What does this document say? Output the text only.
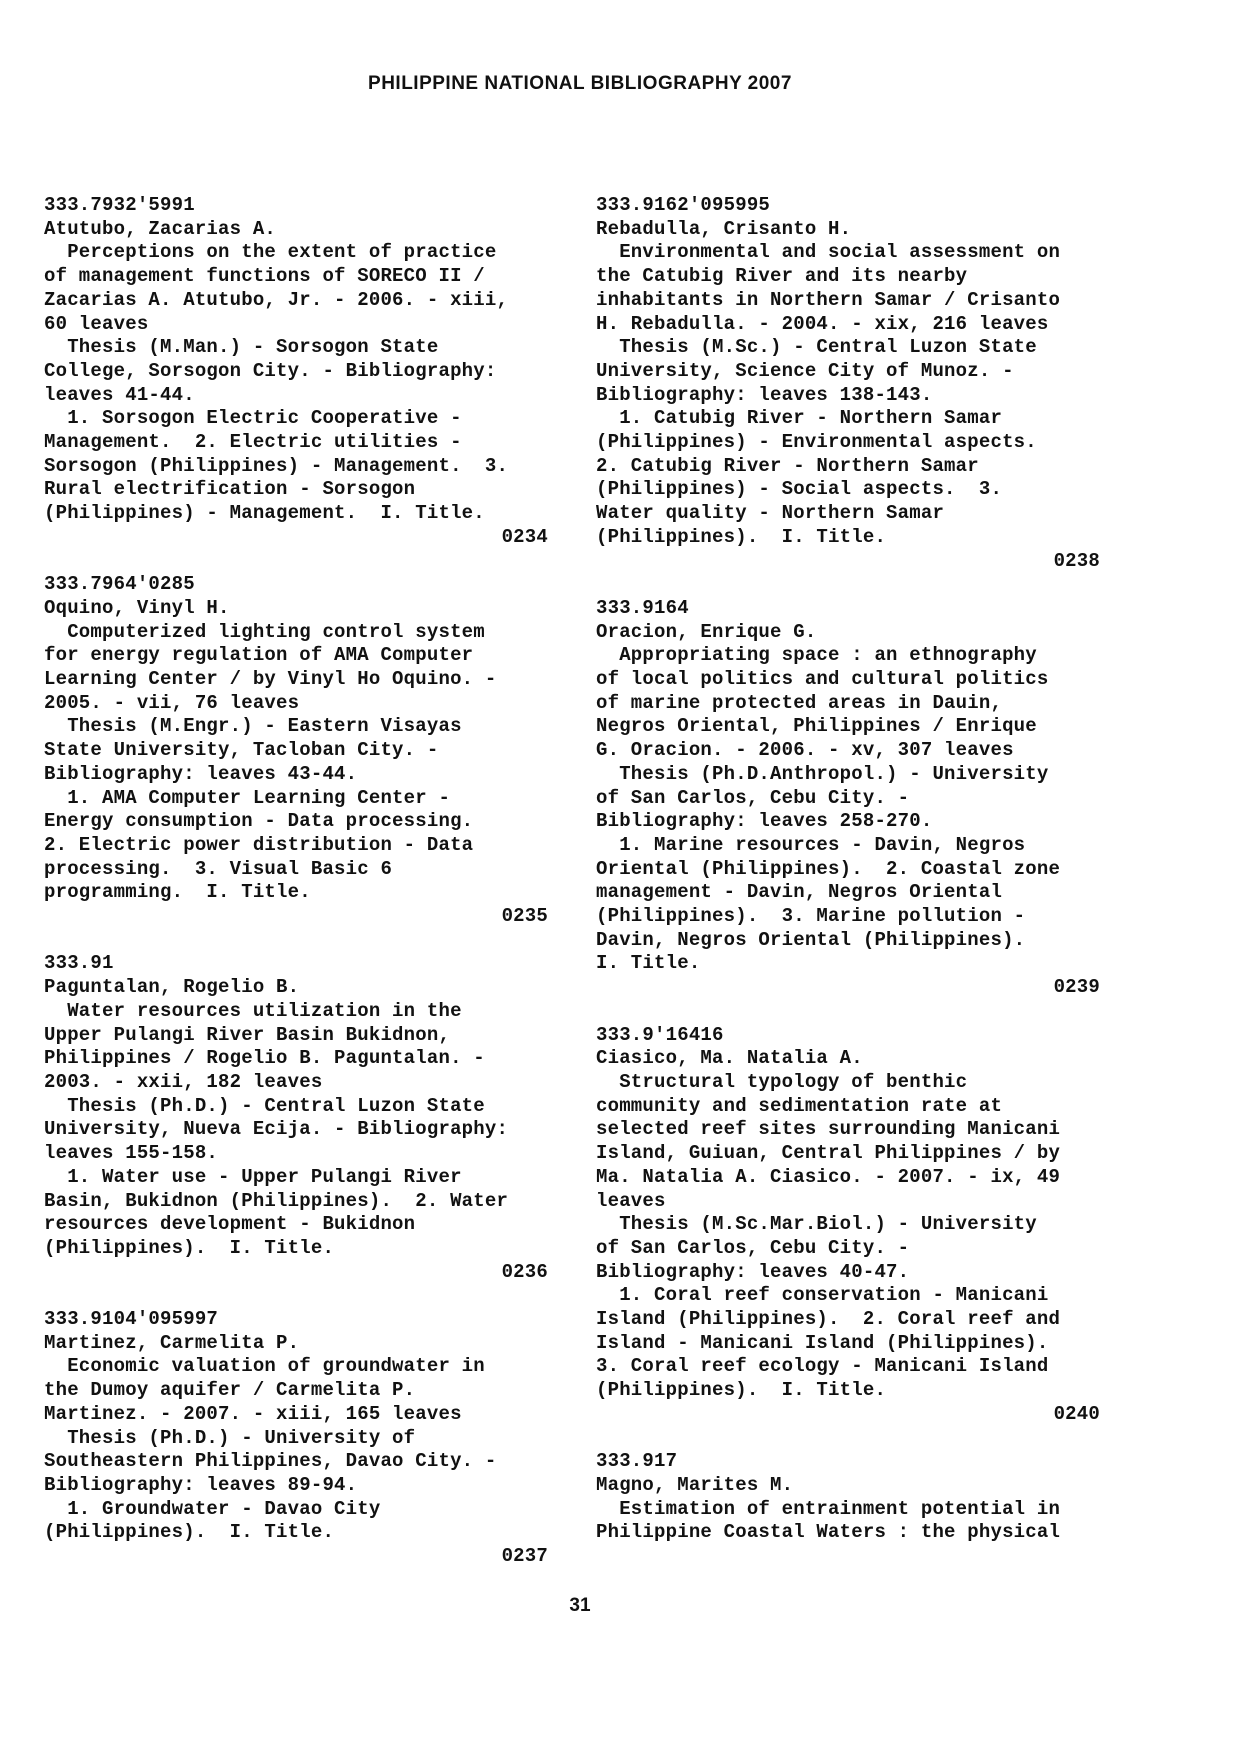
PHILIPPINE NATIONAL BIBLIOGRAPHY 2007
333.7932'5991
Atutubo, Zacarias A.
Perceptions on the extent of practice
of management functions of SORECO II /
Zacarias A. Atutubo, Jr. - 2006. - xiii,
60 leaves
Thesis (M.Man.) - Sorsogon State
College, Sorsogon City. - Bibliography:
leaves 41-44.
1. Sorsogon Electric Cooperative -
Management.  2. Electric utilities -
Sorsogon (Philippines) - Management.  3.
Rural electrification - Sorsogon
(Philippines) - Management.  I. Title.
0234
333.7964'0285
Oquino, Vinyl H.
Computerized lighting control system
for energy regulation of AMA Computer
Learning Center / by Vinyl Ho Oquino. -
2005. - vii, 76 leaves
Thesis (M.Engr.) - Eastern Visayas
State University, Tacloban City. -
Bibliography: leaves 43-44.
1. AMA Computer Learning Center -
Energy consumption - Data processing.
2. Electric power distribution - Data
processing.  3. Visual Basic 6
programming.  I. Title.
0235
333.91
Paguntalan, Rogelio B.
Water resources utilization in the
Upper Pulangi River Basin Bukidnon,
Philippines / Rogelio B. Paguntalan. -
2003. - xxii, 182 leaves
Thesis (Ph.D.) - Central Luzon State
University, Nueva Ecija. - Bibliography:
leaves 155-158.
1. Water use - Upper Pulangi River
Basin, Bukidnon (Philippines).  2. Water
resources development - Bukidnon
(Philippines).  I. Title.
0236
333.9104'095997
Martinez, Carmelita P.
Economic valuation of groundwater in
the Dumoy aquifer / Carmelita P.
Martinez. - 2007. - xiii, 165 leaves
Thesis (Ph.D.) - University of
Southeastern Philippines, Davao City. -
Bibliography: leaves 89-94.
1. Groundwater - Davao City
(Philippines).  I. Title.
0237
333.9162'095995
Rebadulla, Crisanto H.
Environmental and social assessment on
the Catubig River and its nearby
inhabitants in Northern Samar / Crisanto
H. Rebadulla. - 2004. - xix, 216 leaves
Thesis (M.Sc.) - Central Luzon State
University, Science City of Munoz. -
Bibliography: leaves 138-143.
1. Catubig River - Northern Samar
(Philippines) - Environmental aspects.
2. Catubig River - Northern Samar
(Philippines) - Social aspects.  3.
Water quality - Northern Samar
(Philippines).  I. Title.
0238
333.9164
Oracion, Enrique G.
Appropriating space : an ethnography
of local politics and cultural politics
of marine protected areas in Dauin,
Negros Oriental, Philippines / Enrique
G. Oracion. - 2006. - xv, 307 leaves
Thesis (Ph.D.Anthropol.) - University
of San Carlos, Cebu City. -
Bibliography: leaves 258-270.
1. Marine resources - Davin, Negros
Oriental (Philippines).  2. Coastal zone
management - Davin, Negros Oriental
(Philippines).  3. Marine pollution -
Davin, Negros Oriental (Philippines).
I. Title.
0239
333.9'16416
Ciasico, Ma. Natalia A.
Structural typology of benthic
community and sedimentation rate at
selected reef sites surrounding Manicani
Island, Guiuan, Central Philippines / by
Ma. Natalia A. Ciasico. - 2007. - ix, 49
leaves
Thesis (M.Sc.Mar.Biol.) - University
of San Carlos, Cebu City. -
Bibliography: leaves 40-47.
1. Coral reef conservation - Manicani
Island (Philippines).  2. Coral reef and
Island - Manicani Island (Philippines).
3. Coral reef ecology - Manicani Island
(Philippines).  I. Title.
0240
333.917
Magno, Marites M.
Estimation of entrainment potential in
Philippine Coastal Waters : the physical
31
